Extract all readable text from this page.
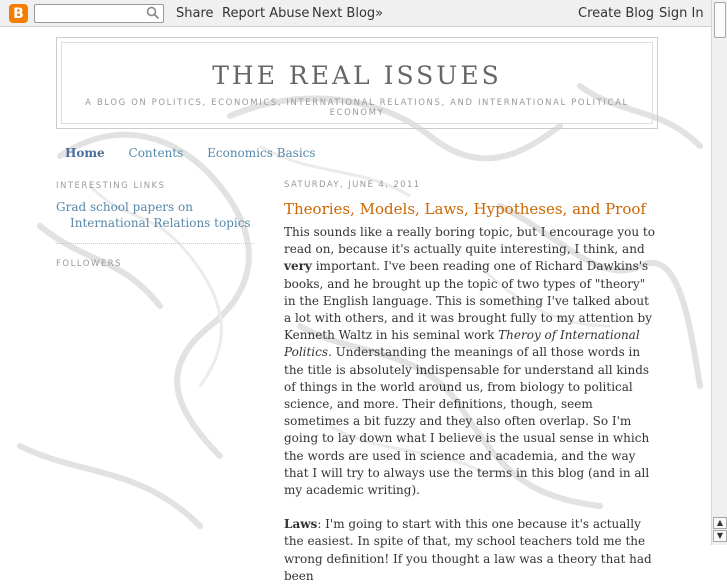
B	Share Report Abuse Next Blog»	Create Blog Sign In
▲
▼
THE REAL ISSUES
A BLOG ON POLITICS, ECONOMICS, INTERNATIONAL RELATIONS, AND INTERNATIONAL POLITICAL ECONOMY
Home Contents Economics Basics
INTERESTING LINKS
Grad school papers on International Relations topics
FOLLOWERS
SATURDAY, JUNE 4, 2011
Theories, Models, Laws, Hypotheses, and Proof

This sounds like a really boring topic, but I encourage you to read on, because it's actually quite interesting, I think, and very important. I've been reading one of Richard Dawkins's books, and he brought up the topic of two types of "theory" in the English language. This is something I've talked about a lot with others, and it was brought fully to my attention by Kenneth Waltz in his seminal work Theroy of International Politics. Understanding the meanings of all those words in the title is absolutely indispensable for understand all kinds of things in the world around us, from biology to political science, and more. Their definitions, though, seem sometimes a bit fuzzy and they also often overlap. So I'm going to lay down what I believe is the usual sense in which the words are used in science and academia, and the way that I will try to always use the terms in this blog (and in all my academic writing).

Laws: I'm going to start with this one because it's actually the easiest. In spite of that, my school teachers told me the wrong definition! If you thought a law was a theory that had been
